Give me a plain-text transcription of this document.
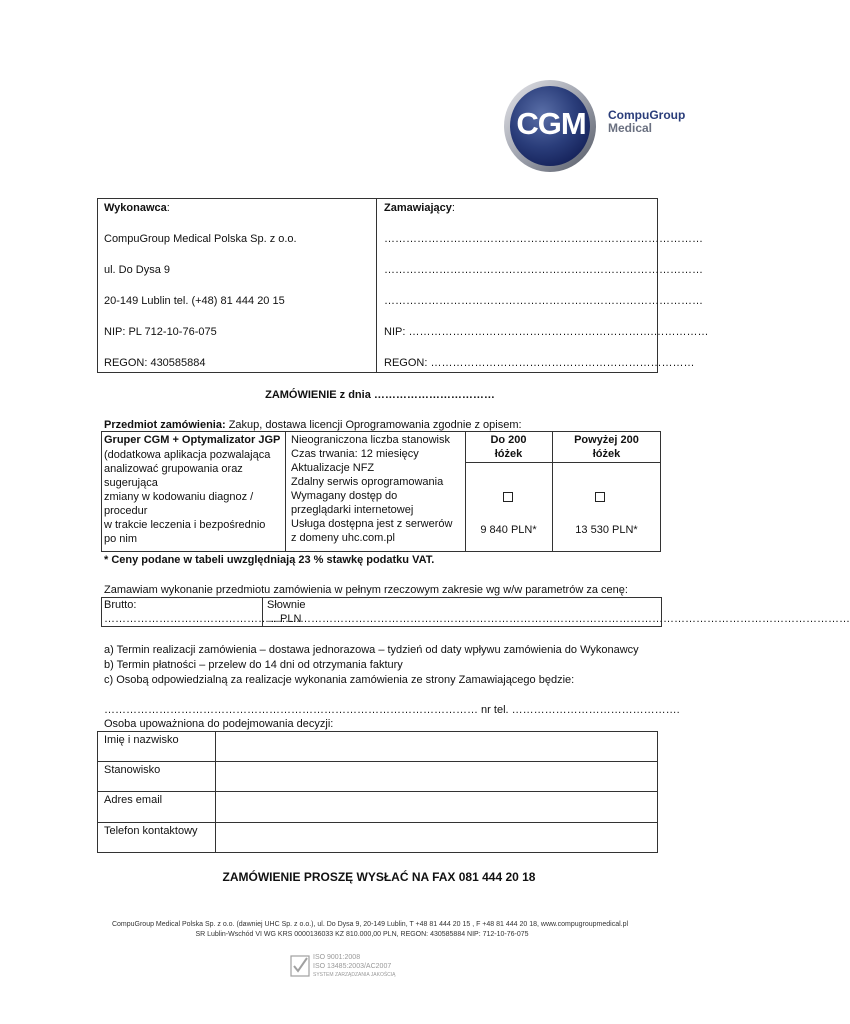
CGM	CompuGroup
Medical
Wykonawca:
CompuGroup Medical Polska Sp. z o.o.
ul. Do Dysa 9
20-149 Lublin tel. (+48) 81 444 20 15
NIP: PL 712-10-76-075
REGON: 430585884
Zamawiający:
……………………………………………………………………………
……………………………………………………………………………
……………………………………………………………………………
NIP: ………………………………………………………….……………
REGON: ………………………………………………………………
ZAMÓWIENIE z dnia ……………………………
Przedmiot zamówienia: Zakup, dostawa licencji Oprogramowania zgodnie z opisem:
Gruper CGM + Optymalizator JGP
(dodatkowa aplikacja pozwalająca
analizować grupowania oraz
sugerująca
zmiany w kodowaniu diagnoz /
procedur
w trakcie leczenia i bezpośrednio
po nim
Nieograniczona liczba stanowisk
Czas trwania: 12 miesięcy
Aktualizacje NFZ
Zdalny serwis oprogramowania
Wymagany dostęp do
przeglądarki internetowej
Usługa dostępna jest z serwerów
z domeny uhc.com.pl
Do 200
łóżek
Powyżej 200
łóżek
9 840 PLN*	13 530 PLN*
* Ceny podane w tabeli uwzględniają 23 % stawkę podatku VAT.
Zamawiam wykonanie przedmiotu zamówienia w pełnym rzeczowym zakresie wg w/w parametrów za cenę:
Brutto:
…………………………………………PLN
Słownie
……………………………………………………………………………………………………………………………………………
a) Termin realizacji zamówienia – dostawa jednorazowa – tydzień od daty wpływu zamówienia do Wykonawcy
b) Termin płatności – przelew do 14 dni od otrzymania faktury
c) Osobą odpowiedzialną za realizacje wykonania zamówienia ze strony Zamawiającego będzie:
………………………………………………………………………………………… nr tel. ……………………………………….
Osoba upoważniona do podejmowania decyzji:
Imię i nazwisko
Stanowisko
Adres email
Telefon kontaktowy
ZAMÓWIENIE PROSZĘ WYSŁAĆ NA FAX 081 444 20 18
CompuGroup Medical Polska Sp. z o.o. (dawniej UHC Sp. z o.o.), ul. Do Dysa 9, 20-149 Lublin, T +48 81 444 20 15 , F +48 81 444 20 18, www.compugroupmedical.pl
SR Lublin-Wschód VI WG KRS 0000136033 KZ 810.000,00 PLN, REGON: 430585884 NIP: 712-10-76-075
ISO 9001:2008
ISO 13485:2003/AC2007
SYSTEM ZARZĄDZANIA JAKOŚCIĄ
